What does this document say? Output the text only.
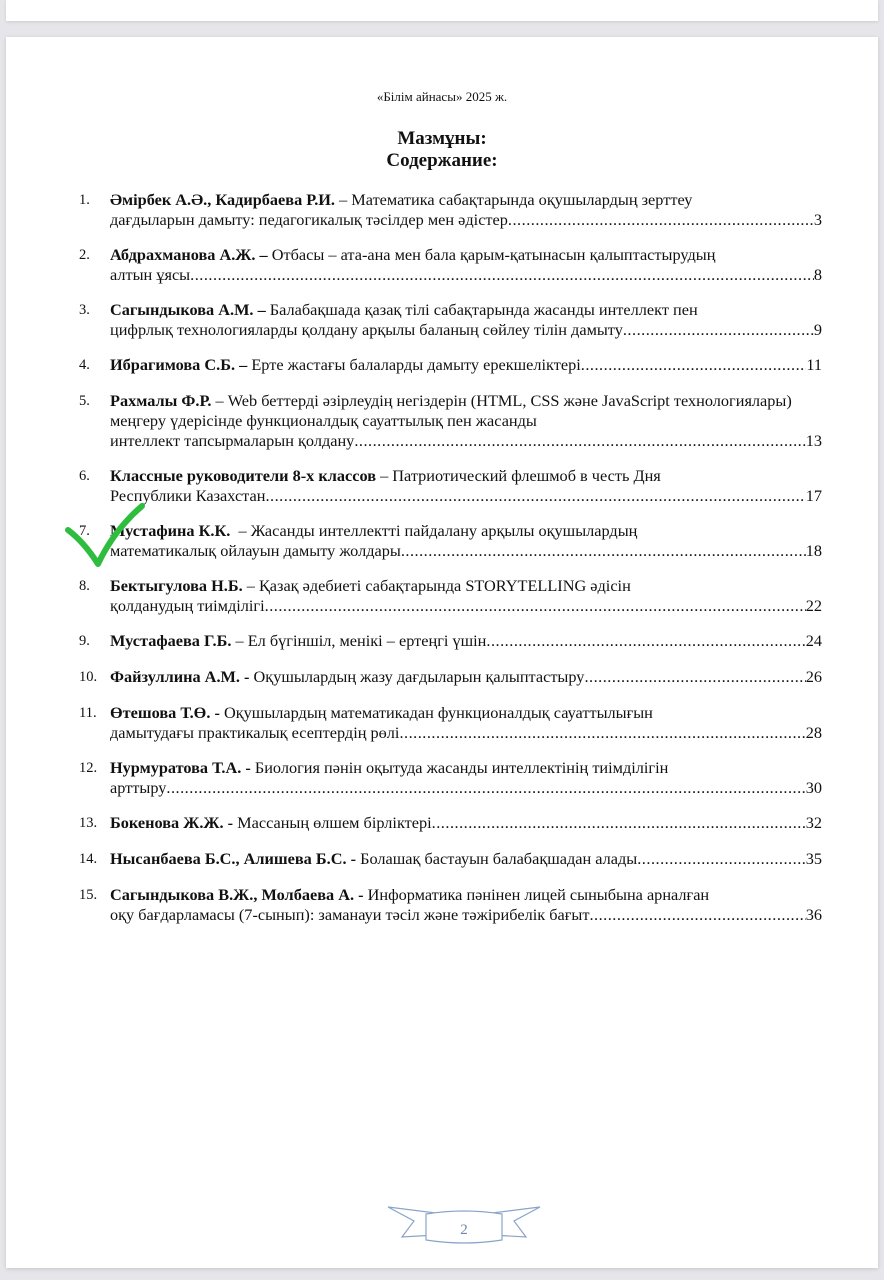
«Білім айнасы» 2025 ж.
Мазмұны:
Содержание:
1.	Әмірбек А.Ә., Кадирбаева Р.И. – Математика сабақтарында оқушылардың зерттеу
дағдыларын дамыту: педагогикалық тәсілдер мен әдістер .....	3
2.	Абдрахманова А.Ж. – Отбасы – ата-ана мен бала қарым-қатынасын қалыптастырудың
алтын ұясы .....	8
3.	Сагындыкова А.М. – Балабақшада қазақ тілі сабақтарында жасанды интеллект пен
цифрлық технологияларды қолдану арқылы баланың сөйлеу тілін дамыту .....	9
4.	Ибрагимова С.Б. – Ерте жастағы балаларды дамыту ерекшеліктері .....	11
5.	Рахмалы Ф.Р. – Web беттерді әзірлеудің негіздерін (HTML, CSS және JavaScript технологиялары) меңгеру үдерісінде функционалдық сауаттылық пен жасанды
интеллект тапсырмаларын қолдану .....	13
6.	Классные руководители 8-х классов – Патриотический флешмоб в честь Дня
Республики Казахстан .....	17
7.	Мустафина К.К.  – Жасанды интеллектті пайдалану арқылы оқушылардың
математикалық ойлауын дамыту жолдары .....	18
8.	Бектыгулова Н.Б. – Қазақ әдебиеті сабақтарында STORYTELLING әдісін
қолданудың тиімділігі .....	22
9.	Мустафаева Г.Б. – Ел бүгіншіл, менікі – ертеңгі үшін .....	24
10. Файзуллина А.М. - Оқушылардың жазу дағдыларын қалыптастыру .....	26
11. Өтешова Т.Ө. - Оқушылардың математикадан функционалдық сауаттылығын
дамытудағы практикалық есептердің рөлі .....	28
12. Нурмуратова Т.А. - Биология пәнін оқытуда жасанды интеллектінің тиімділігін
арттыру .....	30
13. Бокенова Ж.Ж. - Массаның өлшем бірліктері .....	32
14. Нысанбаева Б.С., Алишева Б.С. - Болашақ бастауын балабақшадан алады .....	35
15. Сагындыкова В.Ж., Молбаева А. - Информатика пәнінен лицей сыныбына арналған
оқу бағдарламасы (7-сынып): заманауи тәсіл және тәжірибелік бағыт .....	36
2
